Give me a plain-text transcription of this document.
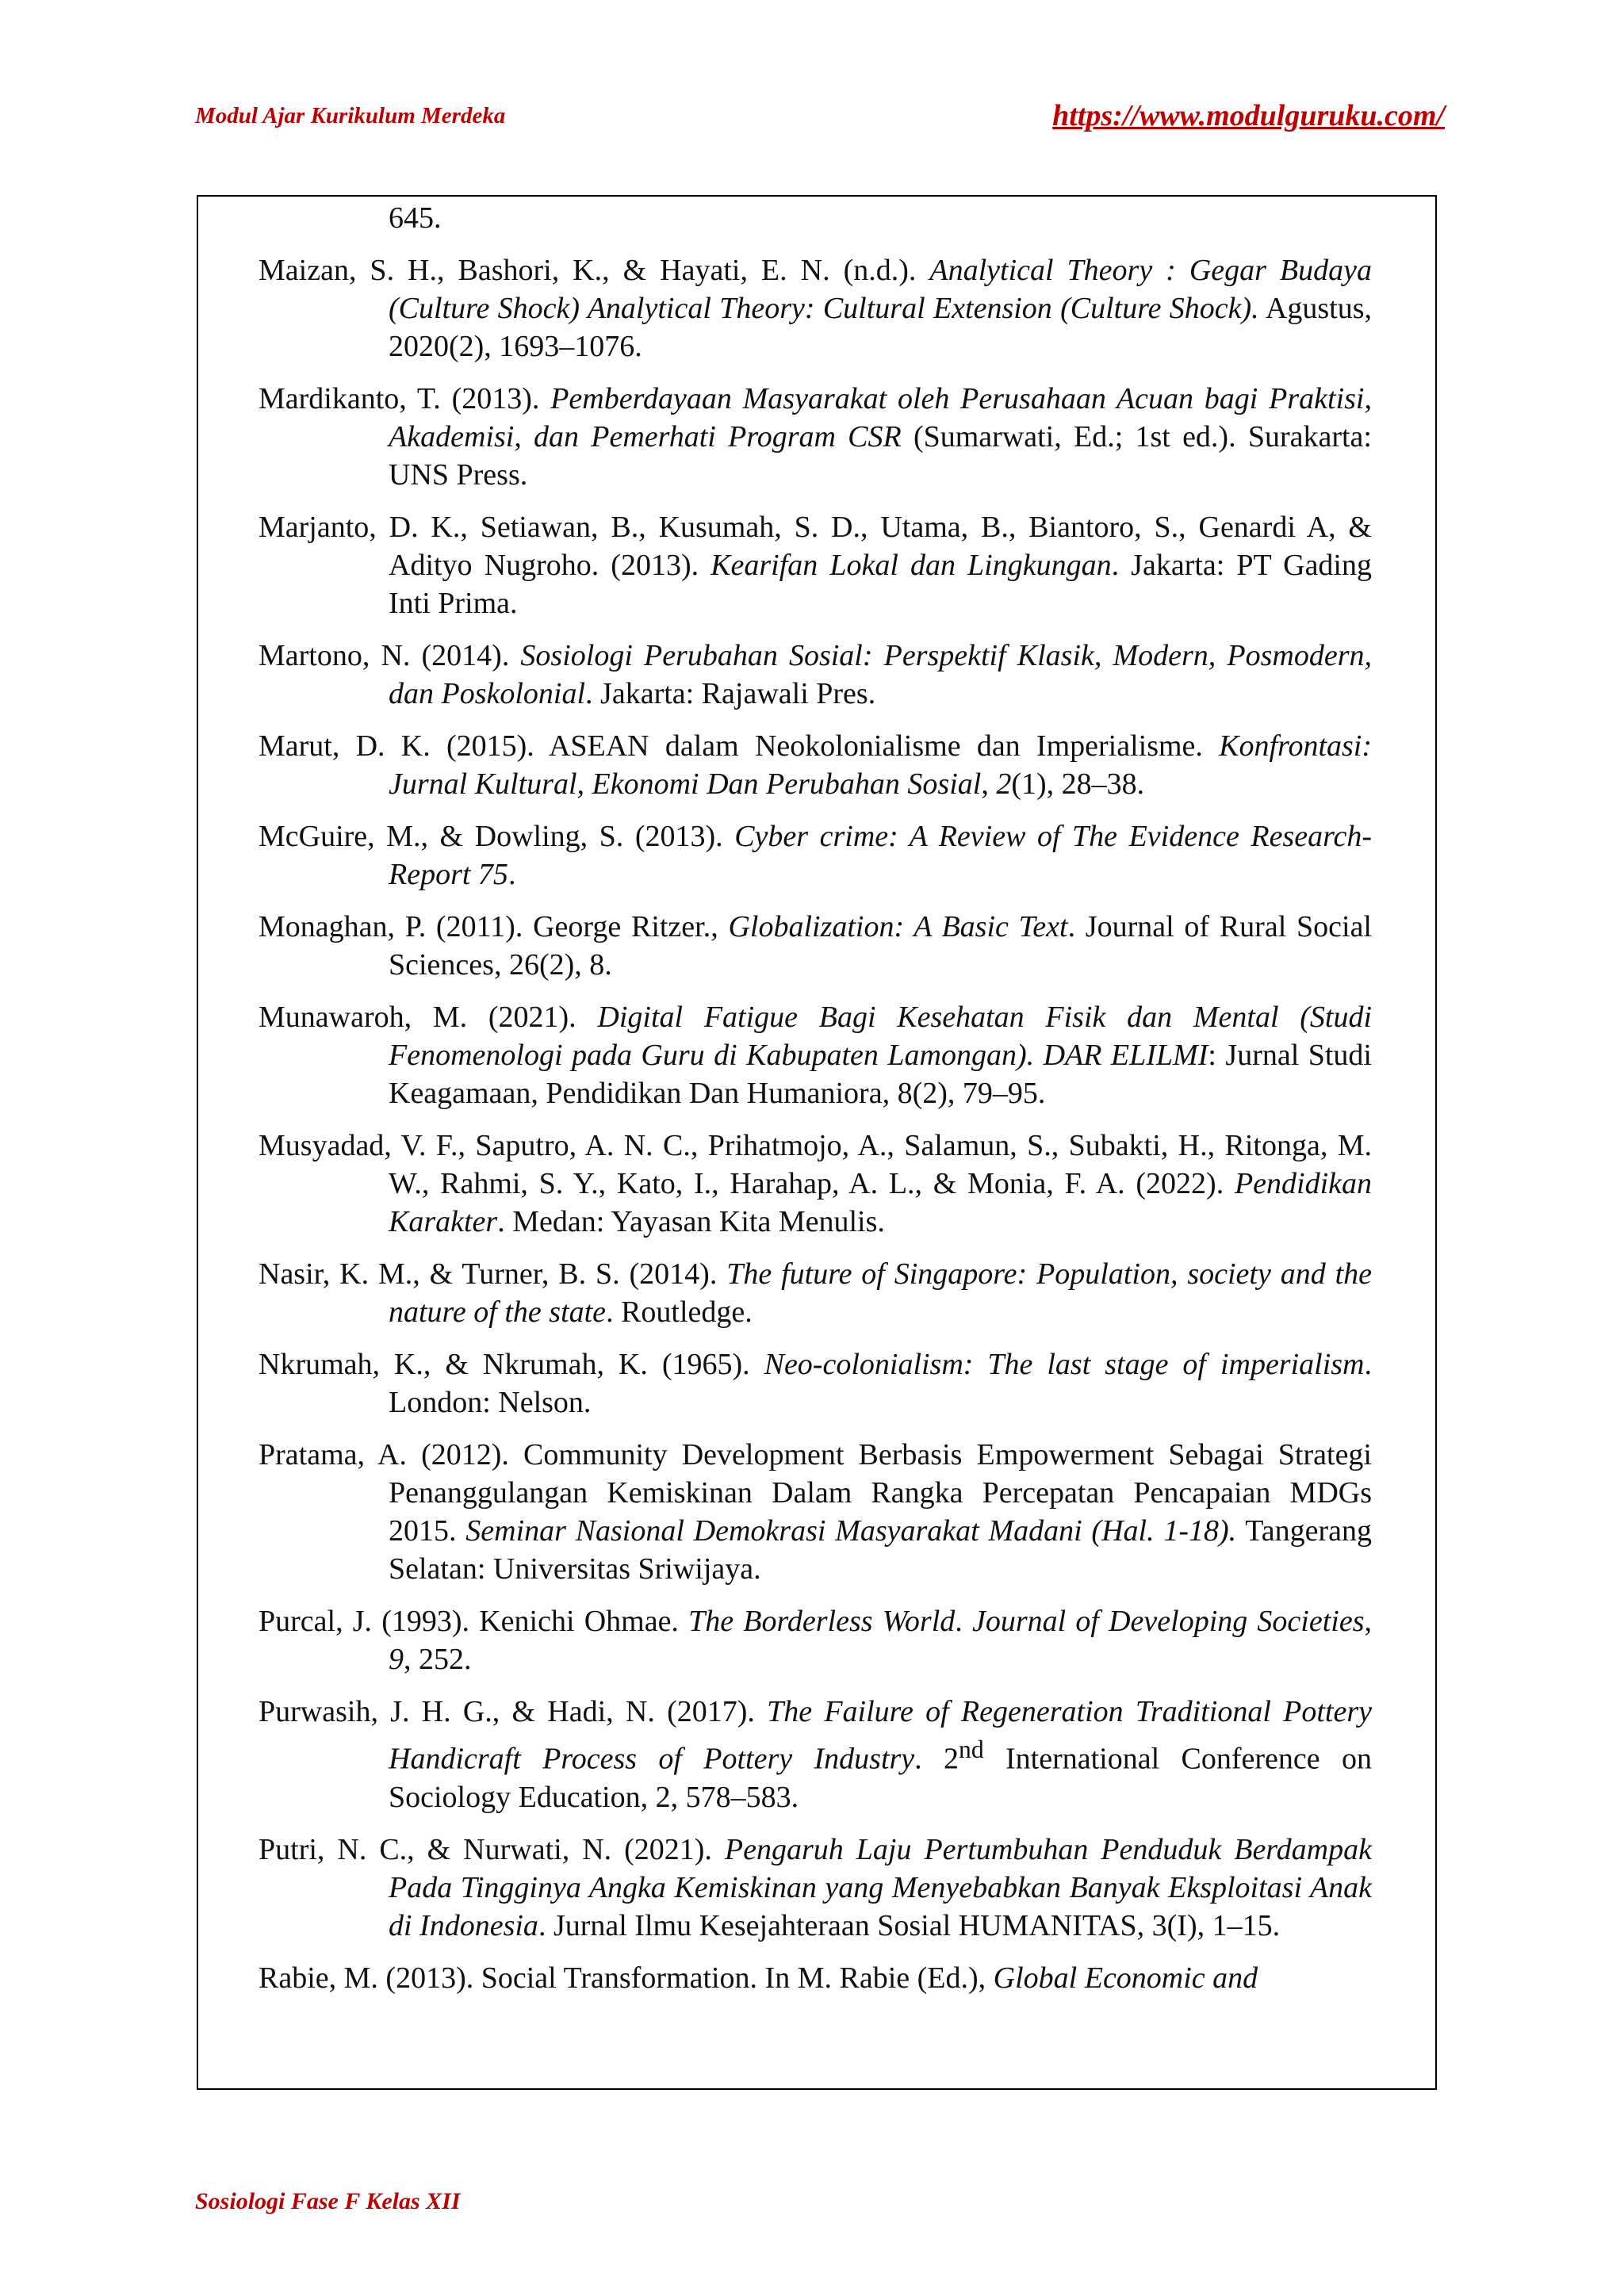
Modul Ajar Kurikulum Merdeka	https://www.modulguruku.com/
645.
Maizan, S. H., Bashori, K., & Hayati, E. N. (n.d.). Analytical Theory : Gegar Budaya (Culture Shock) Analytical Theory: Cultural Extension (Culture Shock). Agustus, 2020(2), 1693–1076.
Mardikanto, T. (2013). Pemberdayaan Masyarakat oleh Perusahaan Acuan bagi Praktisi, Akademisi, dan Pemerhati Program CSR (Sumarwati, Ed.; 1st ed.). Surakarta: UNS Press.
Marjanto, D. K., Setiawan, B., Kusumah, S. D., Utama, B., Biantoro, S., Genardi A, & Adityo Nugroho. (2013). Kearifan Lokal dan Lingkungan. Jakarta: PT Gading Inti Prima.
Martono, N. (2014). Sosiologi Perubahan Sosial: Perspektif Klasik, Modern, Posmodern, dan Poskolonial. Jakarta: Rajawali Pres.
Marut, D. K. (2015). ASEAN dalam Neokolonialisme dan Imperialisme. Konfrontasi: Jurnal Kultural, Ekonomi Dan Perubahan Sosial, 2(1), 28–38.
McGuire, M., & Dowling, S. (2013). Cyber crime: A Review of The Evidence Research-Report 75.
Monaghan, P. (2011). George Ritzer., Globalization: A Basic Text. Journal of Rural Social Sciences, 26(2), 8.
Munawaroh, M. (2021). Digital Fatigue Bagi Kesehatan Fisik dan Mental (Studi Fenomenologi pada Guru di Kabupaten Lamongan). DAR ELILMI: Jurnal Studi Keagamaan, Pendidikan Dan Humaniora, 8(2), 79–95.
Musyadad, V. F., Saputro, A. N. C., Prihatmojo, A., Salamun, S., Subakti, H., Ritonga, M. W., Rahmi, S. Y., Kato, I., Harahap, A. L., & Monia, F. A. (2022). Pendidikan Karakter. Medan: Yayasan Kita Menulis.
Nasir, K. M., & Turner, B. S. (2014). The future of Singapore: Population, society and the nature of the state. Routledge.
Nkrumah, K., & Nkrumah, K. (1965). Neo-colonialism: The last stage of imperialism. London: Nelson.
Pratama, A. (2012). Community Development Berbasis Empowerment Sebagai Strategi Penanggulangan Kemiskinan Dalam Rangka Percepatan Pencapaian MDGs 2015. Seminar Nasional Demokrasi Masyarakat Madani (Hal. 1-18). Tangerang Selatan: Universitas Sriwijaya.
Purcal, J. (1993). Kenichi Ohmae. The Borderless World. Journal of Developing Societies, 9, 252.
Purwasih, J. H. G., & Hadi, N. (2017). The Failure of Regeneration Traditional Pottery Handicraft Process of Pottery Industry. 2nd International Conference on Sociology Education, 2, 578–583.
Putri, N. C., & Nurwati, N. (2021). Pengaruh Laju Pertumbuhan Penduduk Berdampak Pada Tingginya Angka Kemiskinan yang Menyebabkan Banyak Eksploitasi Anak di Indonesia. Jurnal Ilmu Kesejahteraan Sosial HUMANITAS, 3(I), 1–15.
Rabie, M. (2013). Social Transformation. In M. Rabie (Ed.), Global Economic and
Sosiologi Fase F Kelas XII
